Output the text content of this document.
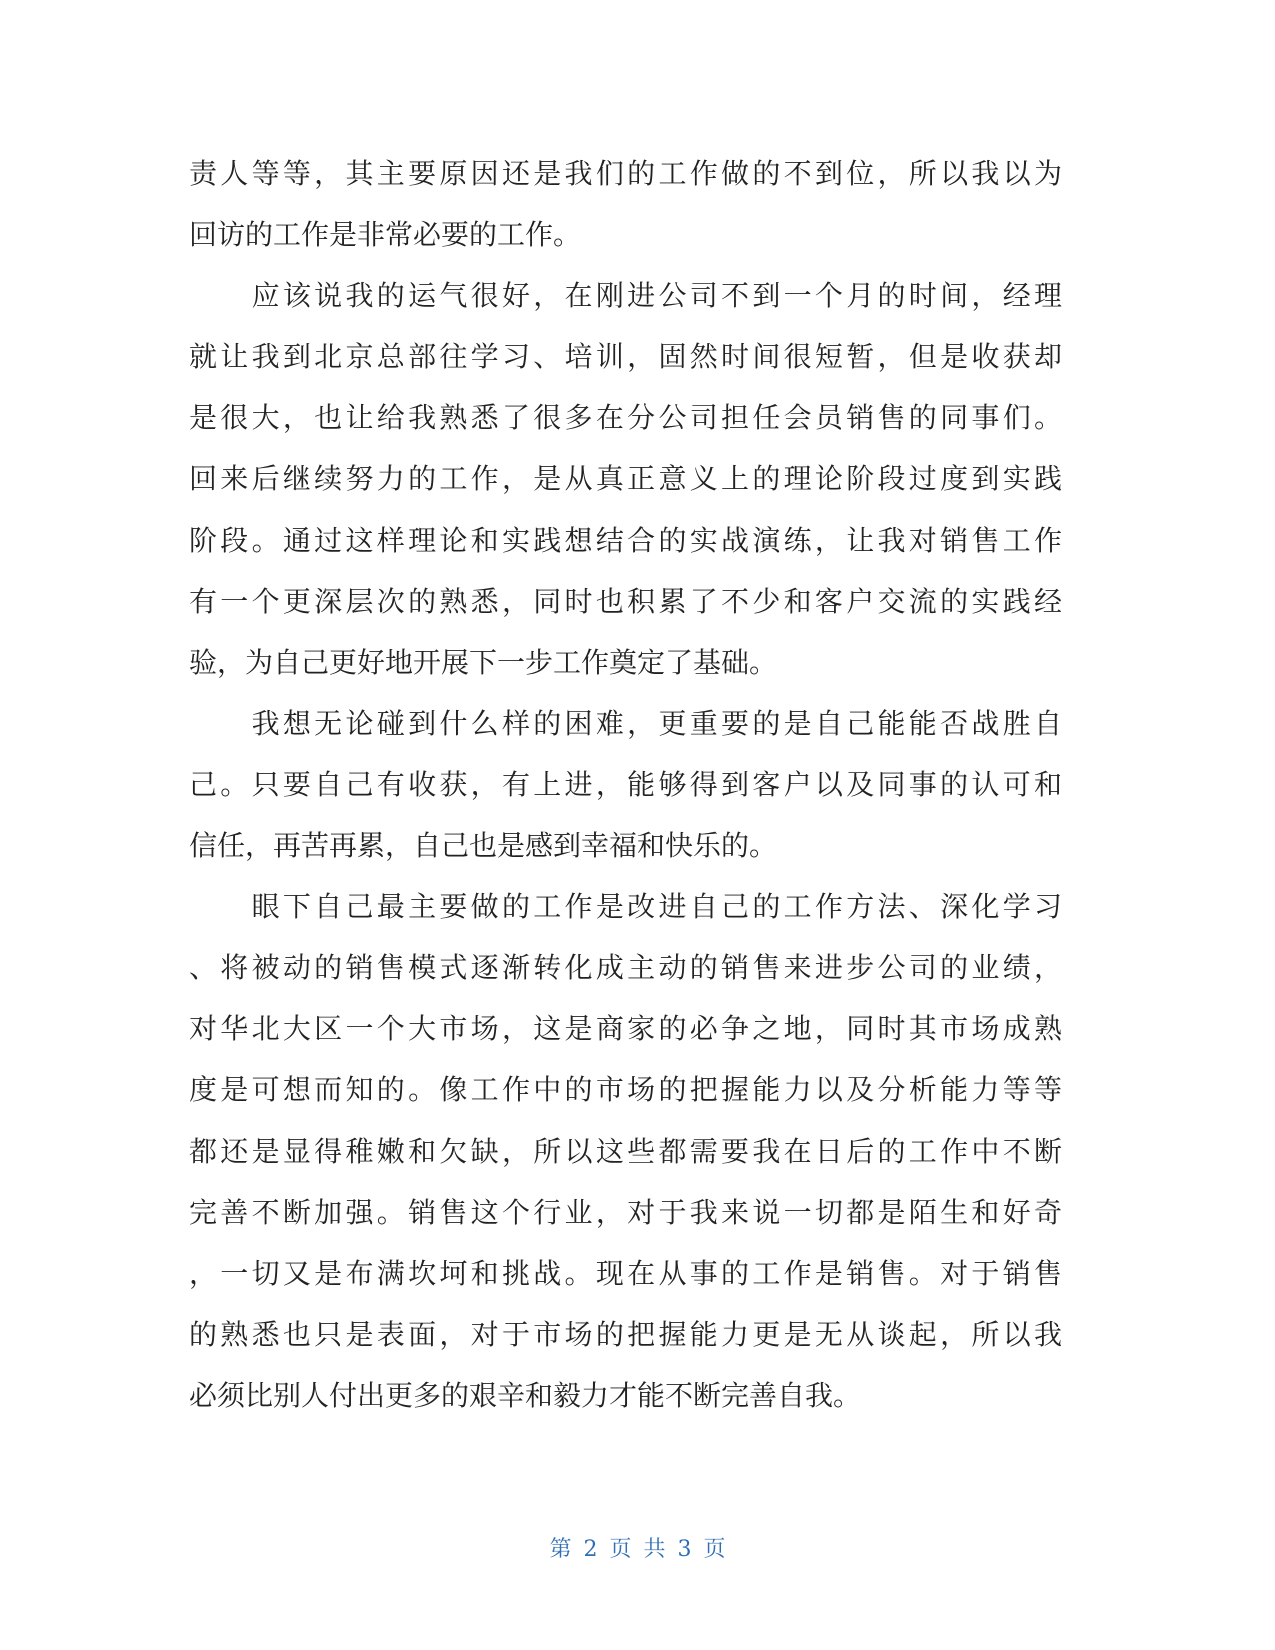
责人等等，其主要原因还是我们的工作做的不到位，所以我以为
回访的工作是非常必要的工作。
　　应该说我的运气很好，在刚进公司不到一个月的时间，经理
就让我到北京总部往学习、培训，固然时间很短暂，但是收获却
是很大，也让给我熟悉了很多在分公司担任会员销售的同事们。
回来后继续努力的工作，是从真正意义上的理论阶段过度到实践
阶段。通过这样理论和实践想结合的实战演练，让我对销售工作
有一个更深层次的熟悉，同时也积累了不少和客户交流的实践经
验，为自己更好地开展下一步工作奠定了基础。
　　我想无论碰到什么样的困难，更重要的是自己能能否战胜自
己。只要自己有收获，有上进，能够得到客户以及同事的认可和
信任，再苦再累，自己也是感到幸福和快乐的。
　　眼下自己最主要做的工作是改进自己的工作方法、深化学习
、将被动的销售模式逐渐转化成主动的销售来进步公司的业绩，
对华北大区一个大市场，这是商家的必争之地，同时其市场成熟
度是可想而知的。像工作中的市场的把握能力以及分析能力等等
都还是显得稚嫩和欠缺，所以这些都需要我在日后的工作中不断
完善不断加强。销售这个行业，对于我来说一切都是陌生和好奇
，一切又是布满坎坷和挑战。现在从事的工作是销售。对于销售
的熟悉也只是表面，对于市场的把握能力更是无从谈起，所以我
必须比别人付出更多的艰辛和毅力才能不断完善自我。
第 2 页 共 3 页
